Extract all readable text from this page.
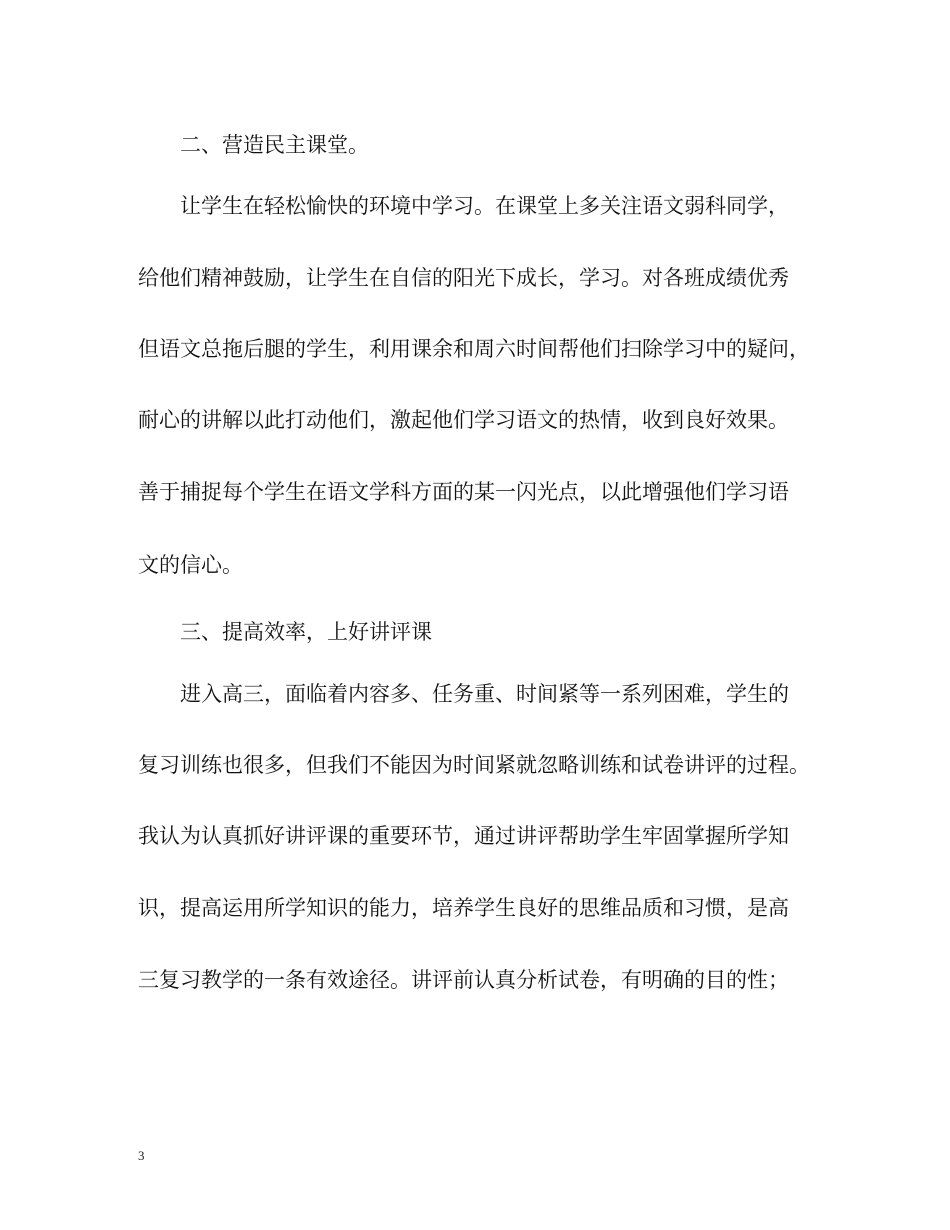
二、营造民主课堂。

让学生在轻松愉快的环境中学习。在课堂上多关注语文弱科同学，

给他们精神鼓励，让学生在自信的阳光下成长，学习。对各班成绩优秀

但语文总拖后腿的学生，利用课余和周六时间帮他们扫除学习中的疑问，

耐心的讲解以此打动他们，激起他们学习语文的热情，收到良好效果。

善于捕捉每个学生在语文学科方面的某一闪光点，以此增强他们学习语

文的信心。

三、提高效率，上好讲评课

进入高三，面临着内容多、任务重、时间紧等一系列困难，学生的

复习训练也很多，但我们不能因为时间紧就忽略训练和试卷讲评的过程。

我认为认真抓好讲评课的重要环节，通过讲评帮助学生牢固掌握所学知

识，提高运用所学知识的能力，培养学生良好的思维品质和习惯，是高

三复习教学的一条有效途径。讲评前认真分析试卷，有明确的目的性；

3
